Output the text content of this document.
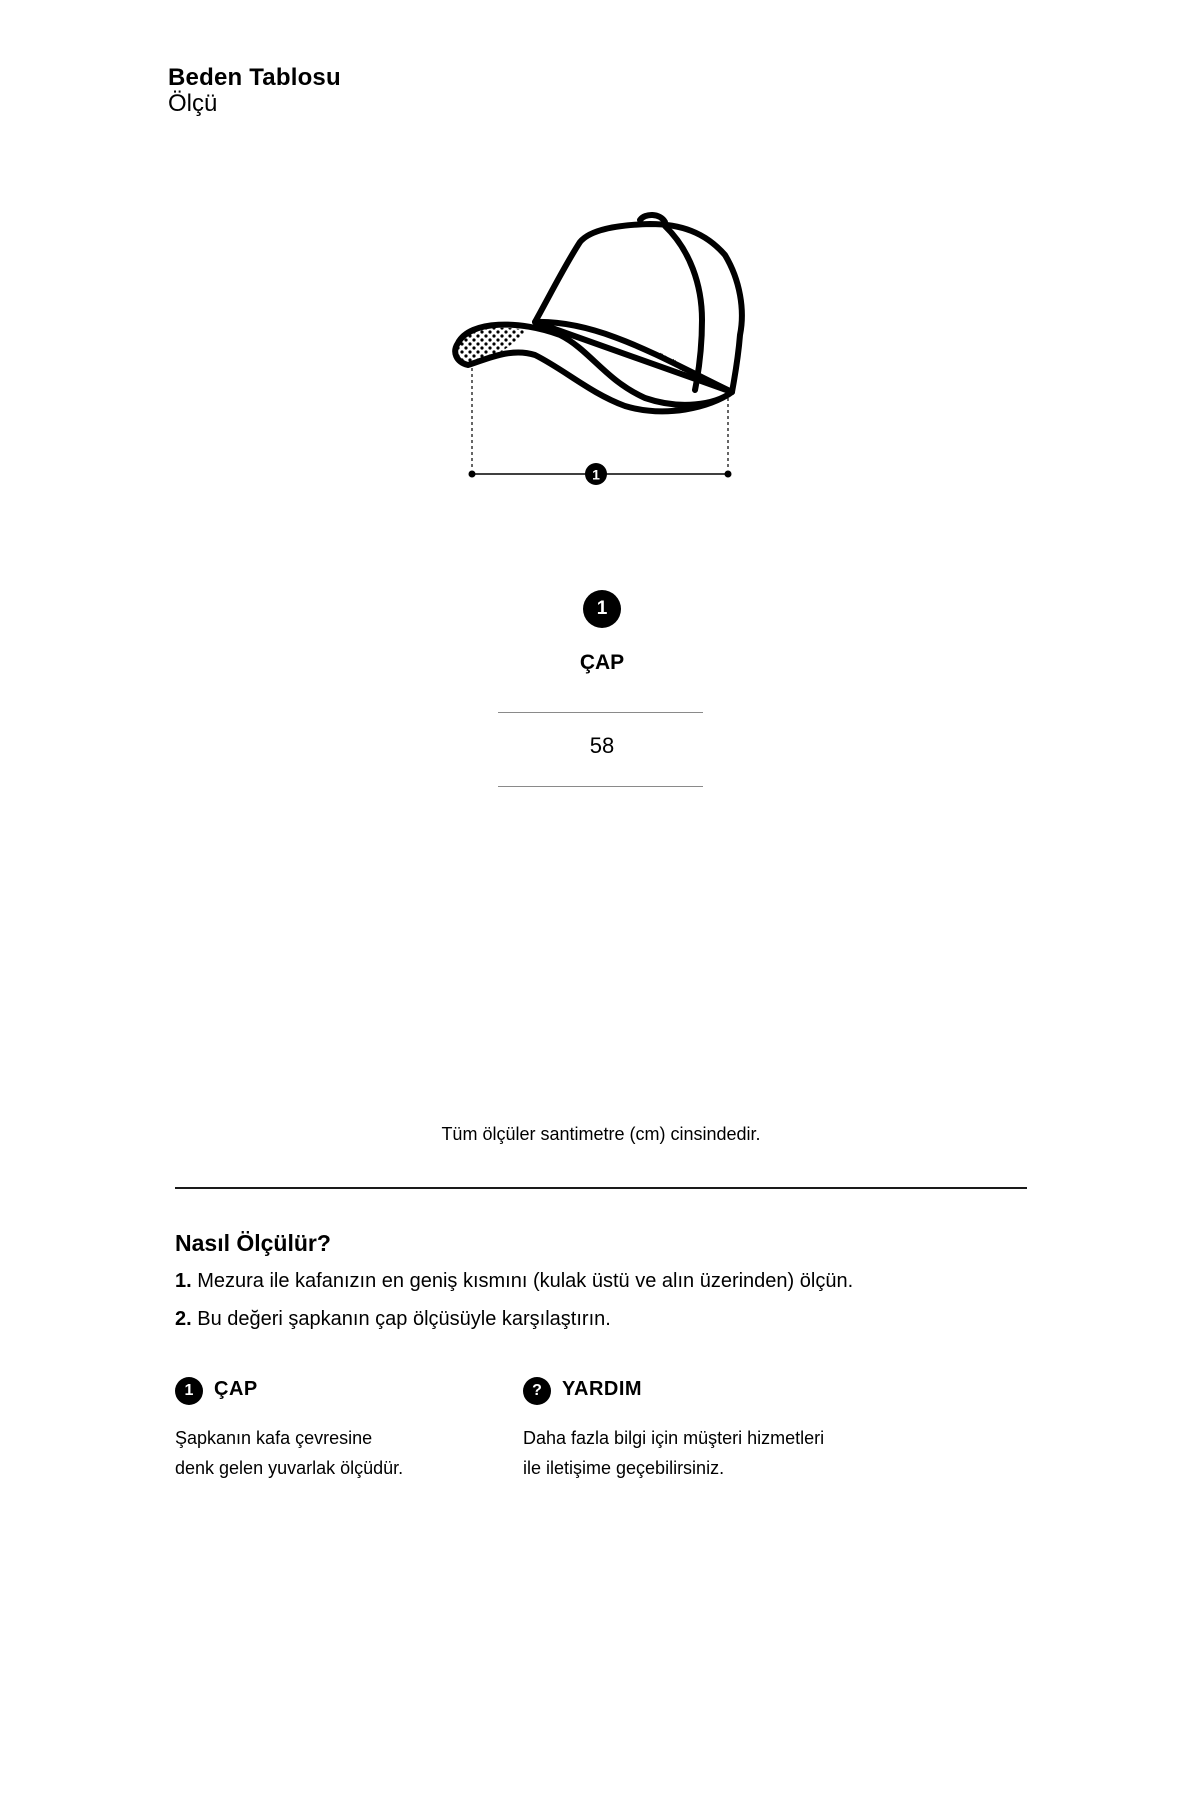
Beden Tablosu
Ölçü
nordbron
1
1
ÇAP
58
Tüm ölçüler santimetre (cm) cinsindedir.
Nasıl Ölçülür?
1. Mezura ile kafanızın en geniş kısmını (kulak üstü ve alın üzerinden) ölçün.
2. Bu değeri şapkanın çap ölçüsüyle karşılaştırın.
1	ÇAP
Şapkanın kafa çevresine
denk gelen yuvarlak ölçüdür.
?	YARDIM
Daha fazla bilgi için müşteri hizmetleri
ile iletişime geçebilirsiniz.
